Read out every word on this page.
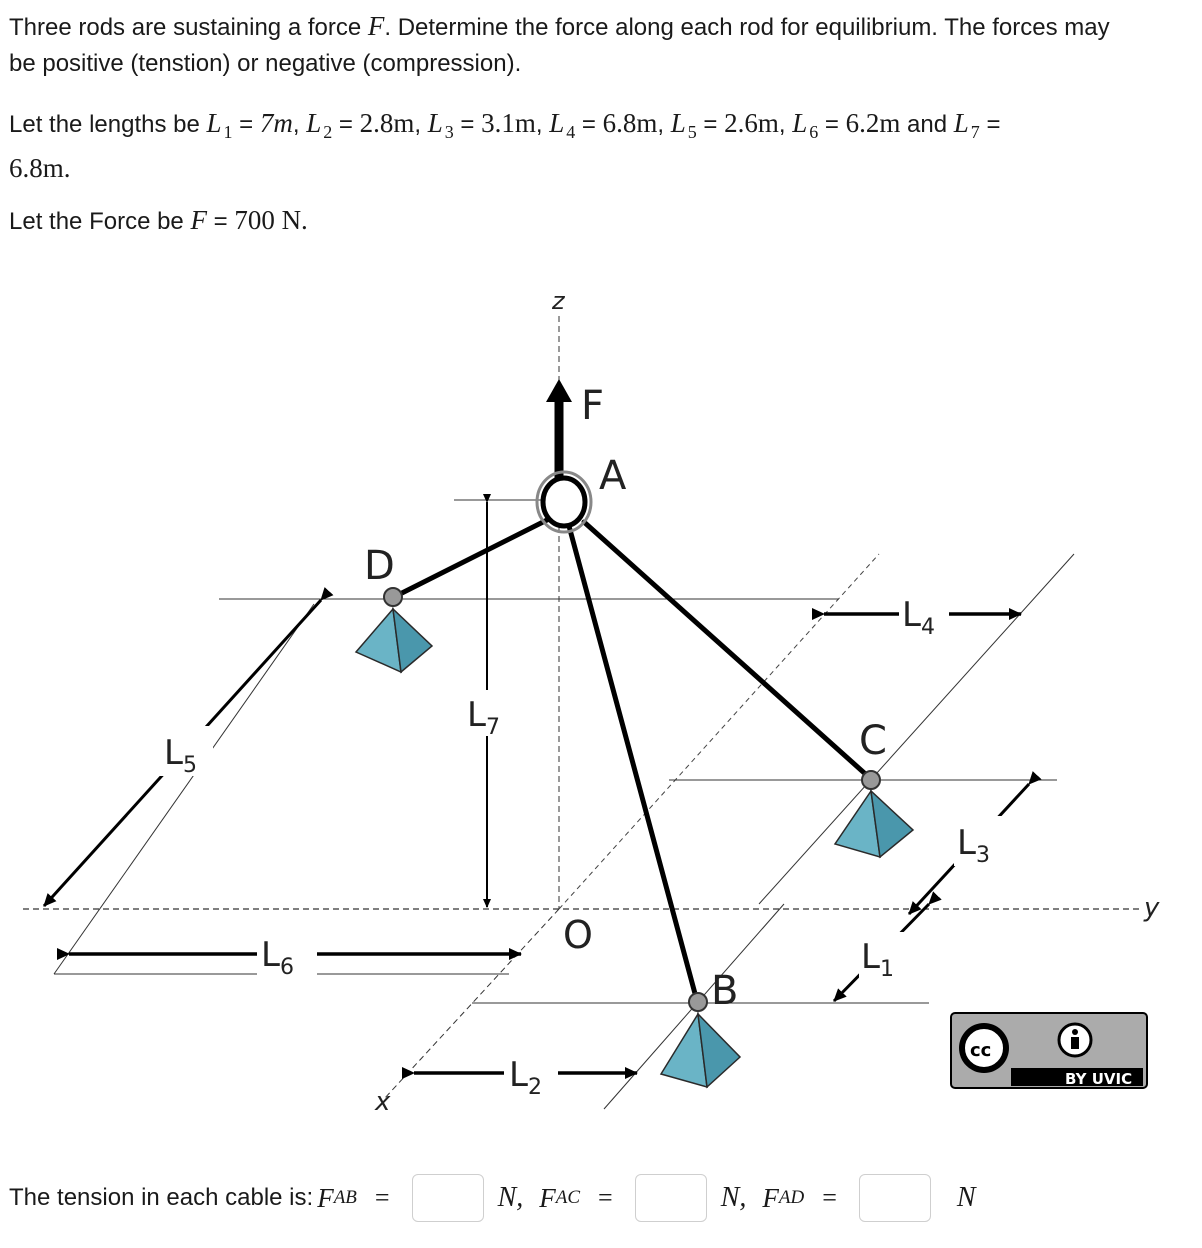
Three rods are sustaining a force F. Determine the force along each rod for equilibrium. The forces may
be positive (tenstion) or negative (compression).
Let the lengths be L $_1$ = 7m, L $_2$ = 2.8m, L $_3$ = 3.1m, L $_4$ = 6.8m, L $_5$ = 2.6m, L $_6$ = 6.2m and L $_7$ =
6.8m.
Let the Force be F = 700 N.
z
y
x
O
F
A
D
C
B
$L_7$
$L_5$
$L_6$
$L_4$
$L_3$
$L_1$
$L_2$
cc
BY UVIC
The tension in each cable is: F AB =	N, F AC =	N, F AD =	N
